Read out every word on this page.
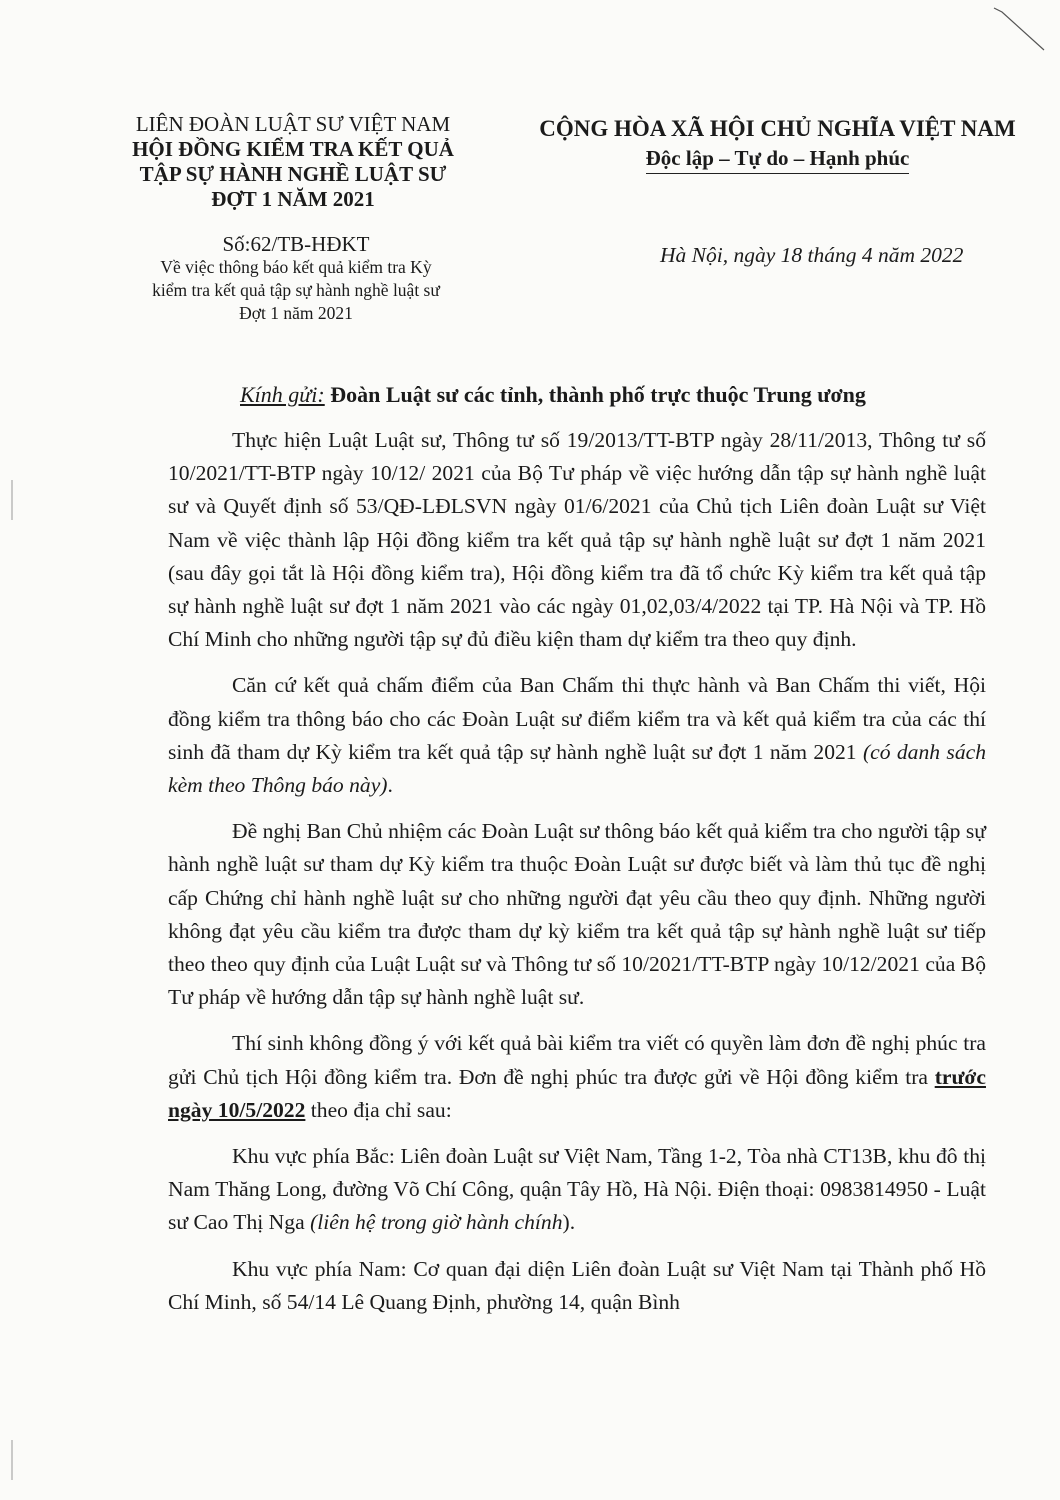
LIÊN ĐOÀN LUẬT SƯ VIỆT NAM
HỘI ĐỒNG KIỂM TRA KẾT QUẢ
TẬP SỰ HÀNH NGHỀ LUẬT SƯ
ĐỢT 1 NĂM 2021
CỘNG HÒA XÃ HỘI CHỦ NGHĨA VIỆT NAM
Độc lập – Tự do – Hạnh phúc
Số:62/TB-HĐKT
Về việc thông báo kết quả kiểm tra Kỳ
kiểm tra kết quả tập sự hành nghề luật sư
Đợt 1 năm 2021
Hà Nội, ngày 18 tháng 4 năm 2022
Kính gửi: Đoàn Luật sư các tỉnh, thành phố trực thuộc Trung ương

Thực hiện Luật Luật sư, Thông tư số 19/2013/TT-BTP ngày 28/11/2013, Thông tư số 10/2021/TT-BTP ngày 10/12/ 2021 của Bộ Tư pháp về việc hướng dẫn tập sự hành nghề luật sư và Quyết định số 53/QĐ-LĐLSVN ngày 01/6/2021 của Chủ tịch Liên đoàn Luật sư Việt Nam về việc thành lập Hội đồng kiểm tra kết quả tập sự hành nghề luật sư đợt 1 năm 2021 (sau đây gọi tắt là Hội đồng kiểm tra), Hội đồng kiểm tra đã tổ chức Kỳ kiểm tra kết quả tập sự hành nghề luật sư đợt 1 năm 2021 vào các ngày 01,02,03/4/2022 tại TP. Hà Nội và TP. Hồ Chí Minh cho những người tập sự đủ điều kiện tham dự kiểm tra theo quy định.

Căn cứ kết quả chấm điểm của Ban Chấm thi thực hành và Ban Chấm thi viết, Hội đồng kiểm tra thông báo cho các Đoàn Luật sư điểm kiểm tra và kết quả kiểm tra của các thí sinh đã tham dự Kỳ kiểm tra kết quả tập sự hành nghề luật sư đợt 1 năm 2021 (có danh sách kèm theo Thông báo này).

Đề nghị Ban Chủ nhiệm các Đoàn Luật sư thông báo kết quả kiểm tra cho người tập sự hành nghề luật sư tham dự Kỳ kiểm tra thuộc Đoàn Luật sư được biết và làm thủ tục đề nghị cấp Chứng chỉ hành nghề luật sư cho những người đạt yêu cầu theo quy định. Những người không đạt yêu cầu kiểm tra được tham dự kỳ kiểm tra kết quả tập sự hành nghề luật sư tiếp theo theo quy định của Luật Luật sư và Thông tư số 10/2021/TT-BTP ngày 10/12/2021 của Bộ Tư pháp về hướng dẫn tập sự hành nghề luật sư.

Thí sinh không đồng ý với kết quả bài kiểm tra viết có quyền làm đơn đề nghị phúc tra gửi Chủ tịch Hội đồng kiểm tra. Đơn đề nghị phúc tra được gửi về Hội đồng kiểm tra trước ngày 10/5/2022 theo địa chỉ sau:

Khu vực phía Bắc: Liên đoàn Luật sư Việt Nam, Tầng 1-2, Tòa nhà CT13B, khu đô thị Nam Thăng Long, đường Võ Chí Công, quận Tây Hồ, Hà Nội. Điện thoại: 0983814950 - Luật sư Cao Thị Nga (liên hệ trong giờ hành chính).

Khu vực phía Nam: Cơ quan đại diện Liên đoàn Luật sư Việt Nam tại Thành phố Hồ Chí Minh, số 54/14 Lê Quang Định, phường 14, quận Bình
